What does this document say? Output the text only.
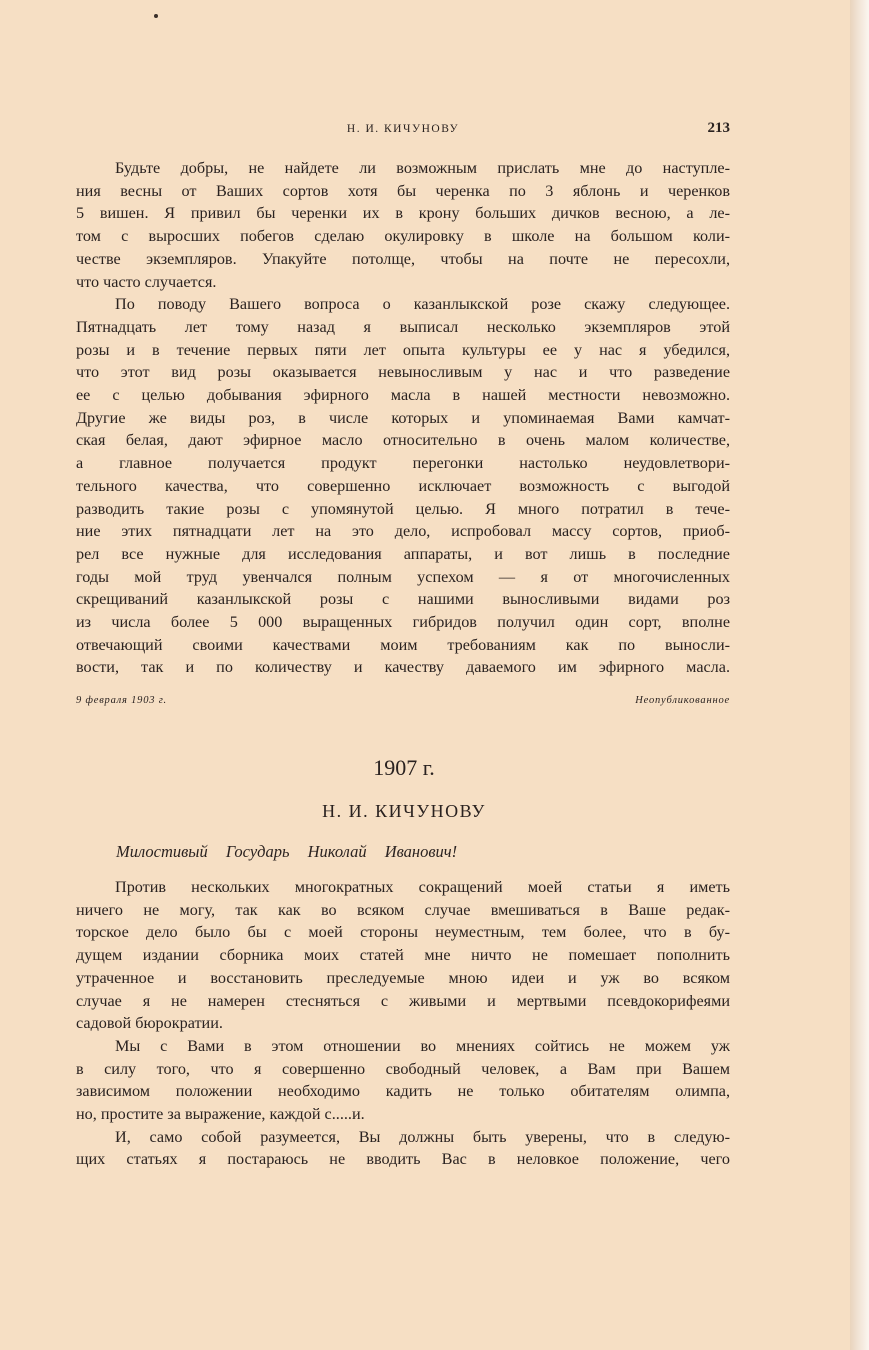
Н. И. КИЧУНОВУ	213
Будьте добры, не найдете ли возможным прислать мне до наступле-
ния весны от Ваших сортов хотя бы черенка по 3 яблонь и черенков
5 вишен. Я привил бы черенки их в крону больших дичков весною, а ле-
том с выросших побегов сделаю окулировку в школе на большом коли-
честве экземпляров. Упакуйте потолще, чтобы на почте не пересохли,
что часто случается.
По поводу Вашего вопроса о казанлыкской розе скажу следующее.
Пятнадцать лет тому назад я выписал несколько экземпляров этой
розы и в течение первых пяти лет опыта культуры ее у нас я убедился,
что этот вид розы оказывается невыносливым у нас и что разведение
ее с целью добывания эфирного масла в нашей местности невозможно.
Другие же виды роз, в числе которых и упоминаемая Вами камчат-
ская белая, дают эфирное масло относительно в очень малом количестве,
а главное получается продукт перегонки настолько неудовлетвори-
тельного качества, что совершенно исключает возможность с выгодой
разводить такие розы с упомянутой целью. Я много потратил в тече-
ние этих пятнадцати лет на это дело, испробовал массу сортов, приоб-
рел все нужные для исследования аппараты, и вот лишь в последние
годы мой труд увенчался полным успехом — я от многочисленных
скрещиваний казанлыкской розы с нашими выносливыми видами роз
из числа более 5 000 выращенных гибридов получил один сорт, вполне
отвечающий своими качествами моим требованиям как по выносли-
вости, так и по количеству и качеству даваемого им эфирного масла.
9 февраля 1903 г.	Неопубликованное
1907 г.
Н. И. КИЧУНОВУ
Милостивый Государь Николай Иванович!
Против нескольких многократных сокращений моей статьи я иметь
ничего не могу, так как во всяком случае вмешиваться в Ваше редак-
торское дело было бы с моей стороны неуместным, тем более, что в бу-
дущем издании сборника моих статей мне ничто не помешает пополнить
утраченное и восстановить преследуемые мною идеи и уж во всяком
случае я не намерен стесняться с живыми и мертвыми псевдокорифеями
садовой бюрократии.
Мы с Вами в этом отношении во мнениях сойтись не можем уж
в силу того, что я совершенно свободный человек, а Вам при Вашем
зависимом положении необходимо кадить не только обитателям олимпа,
но, простите за выражение, каждой с.....и.
И, само собой разумеется, Вы должны быть уверены, что в следую-
щих статьях я постараюсь не вводить Вас в неловкое положение, чего
